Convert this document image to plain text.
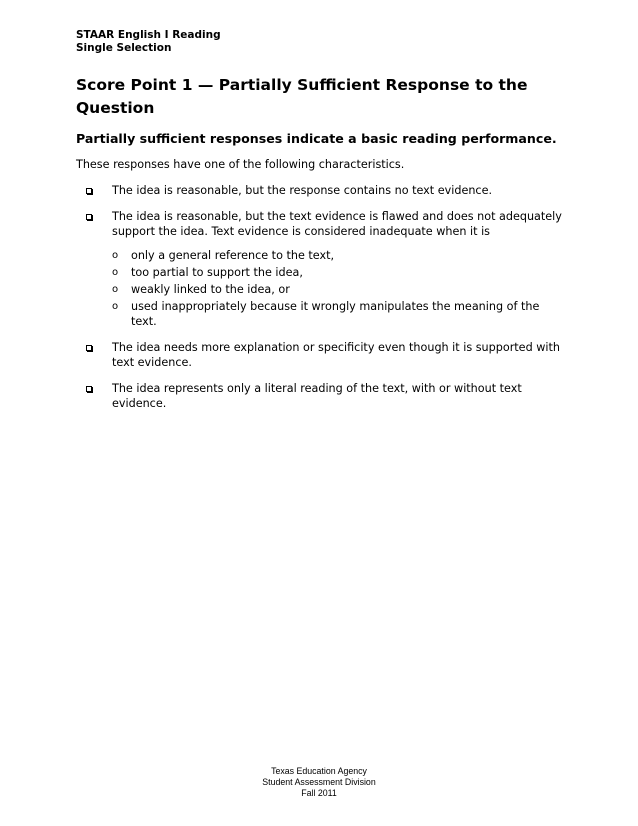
STAAR English I Reading
Single Selection
Score Point 1 — Partially Sufficient Response to the Question
Partially sufficient responses indicate a basic reading performance.

These responses have one of the following characteristics.

The idea is reasonable, but the response contains no text evidence.
The idea is reasonable, but the text evidence is flawed and does not adequately support the idea. Text evidence is considered inadequate when it is
o only a general reference to the text,
o too partial to support the idea,
o weakly linked to the idea, or
o used inappropriately because it wrongly manipulates the meaning of the text.
The idea needs more explanation or specificity even though it is supported with text evidence.
The idea represents only a literal reading of the text, with or without text evidence.
Texas Education Agency
Student Assessment Division
Fall 2011
